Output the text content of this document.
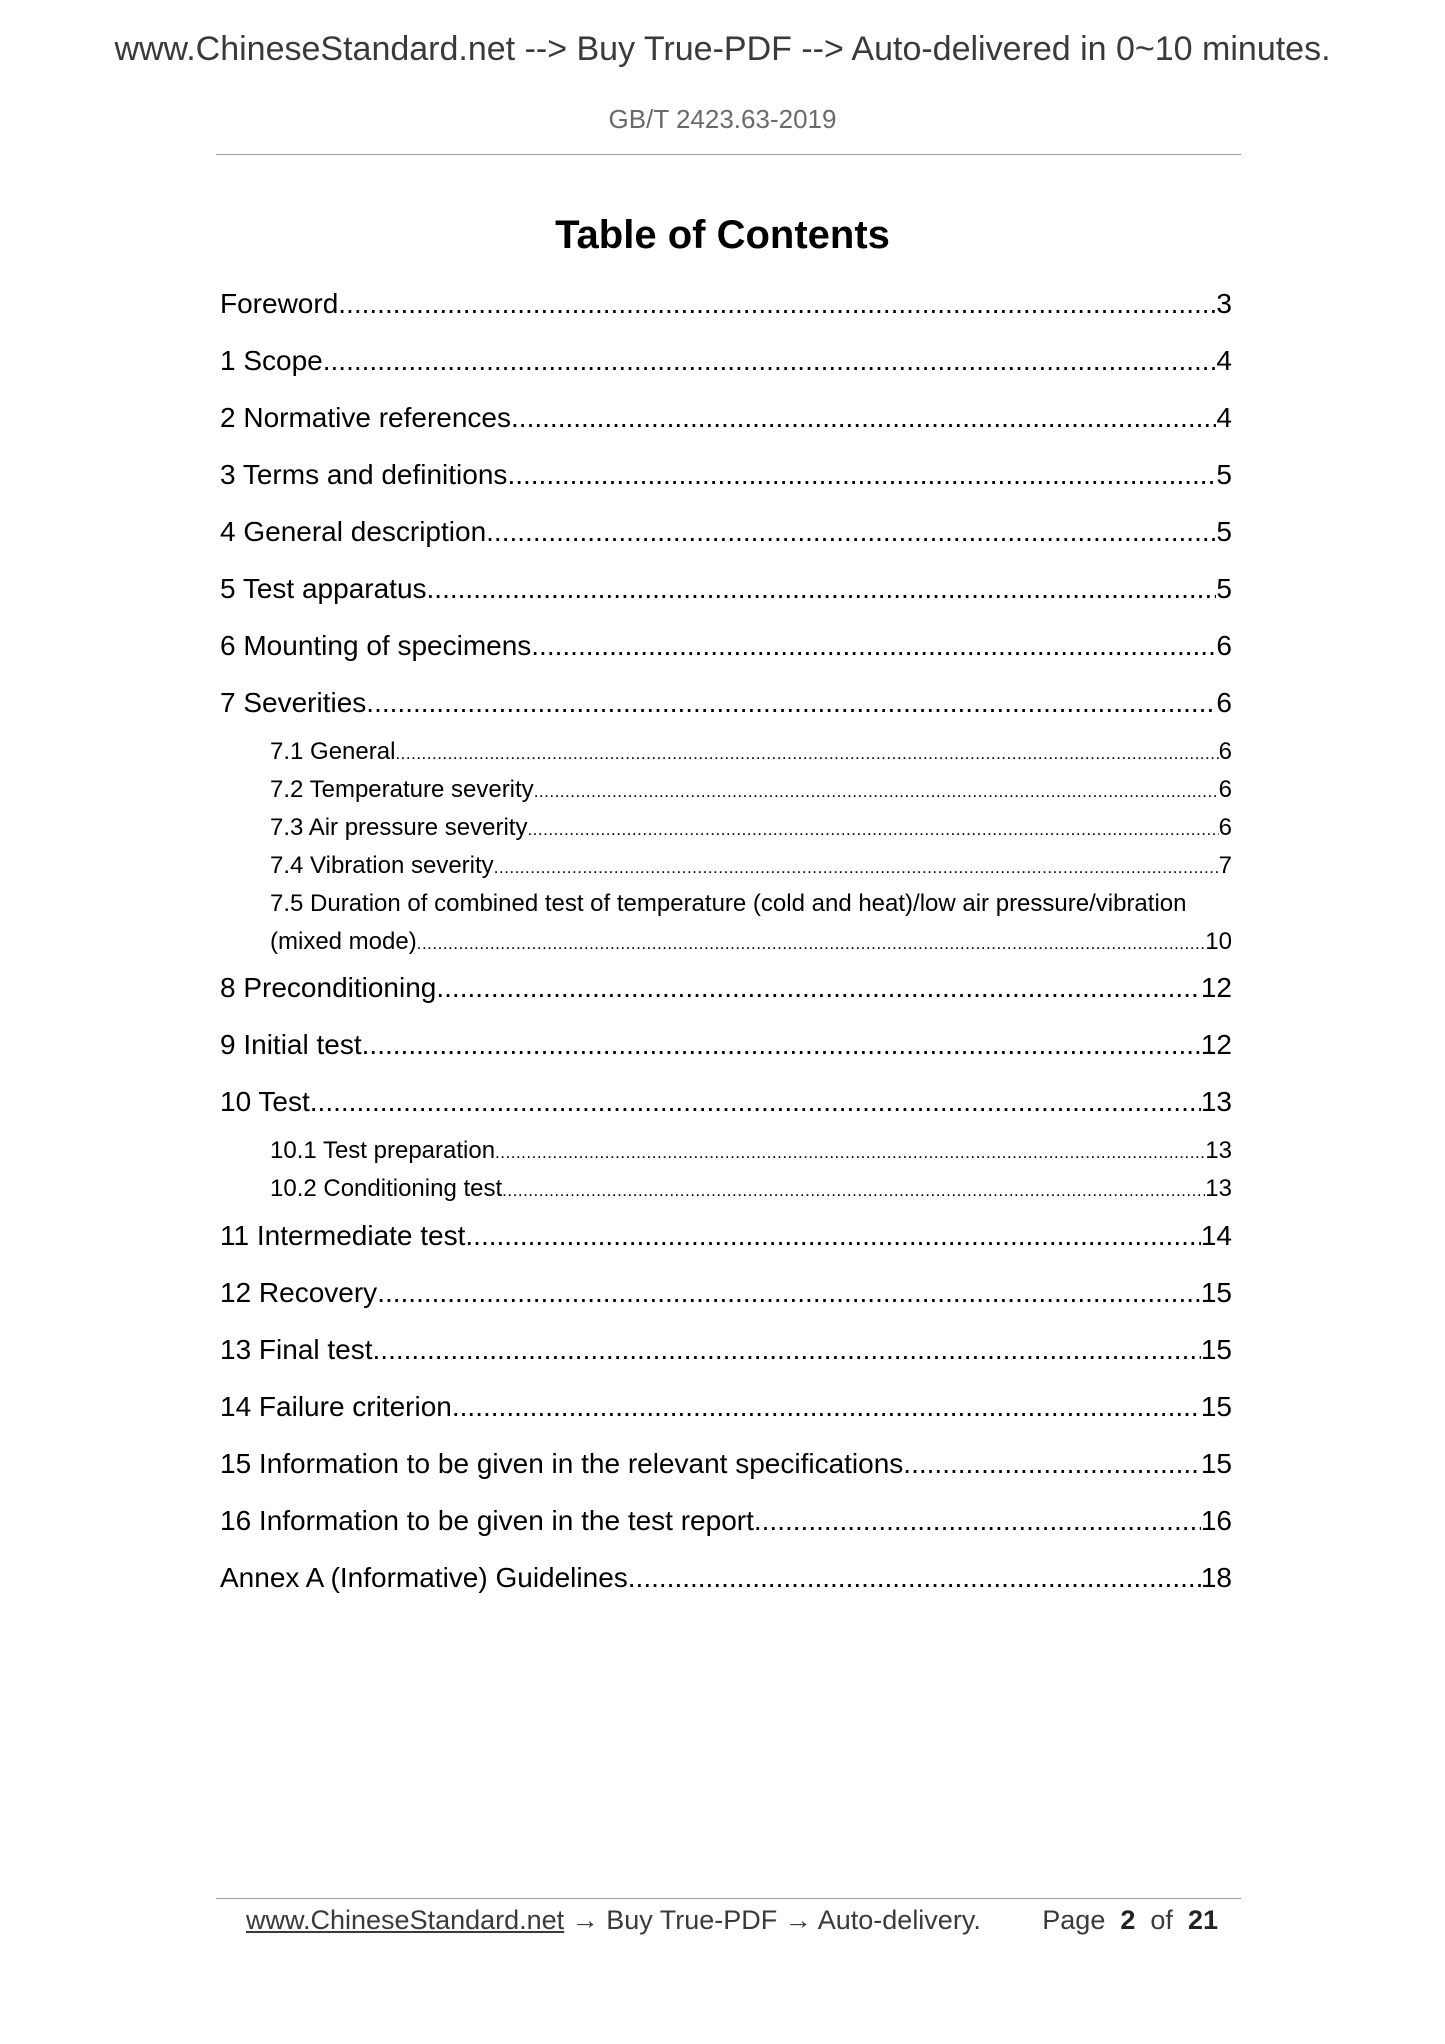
www.ChineseStandard.net --> Buy True-PDF --> Auto-delivered in 0~10 minutes.
GB/T 2423.63-2019
Table of Contents
Foreword .....	3
1 Scope .....	4
2 Normative references .....	4
3 Terms and definitions .....	5
4 General description .....	5
5 Test apparatus .....	5
6 Mounting of specimens .....	6
7 Severities .....	6
7.1 General .....	6
7.2 Temperature severity .....	6
7.3 Air pressure severity .....	6
7.4 Vibration severity .....	7
7.5 Duration of combined test of temperature (cold and heat)/low air pressure/vibration
(mixed mode) .....	10
8 Preconditioning .....	12
9 Initial test .....	12
10 Test .....	13
10.1 Test preparation .....	13
10.2 Conditioning test .....	13
11 Intermediate test .....	14
12 Recovery .....	15
13 Final test .....	15
14 Failure criterion .....	15
15 Information to be given in the relevant specifications .....	15
16 Information to be given in the test report .....	16
Annex A (Informative) Guidelines .....	18
www.ChineseStandard.net → Buy True-PDF → Auto-delivery. Page 2 of 21
